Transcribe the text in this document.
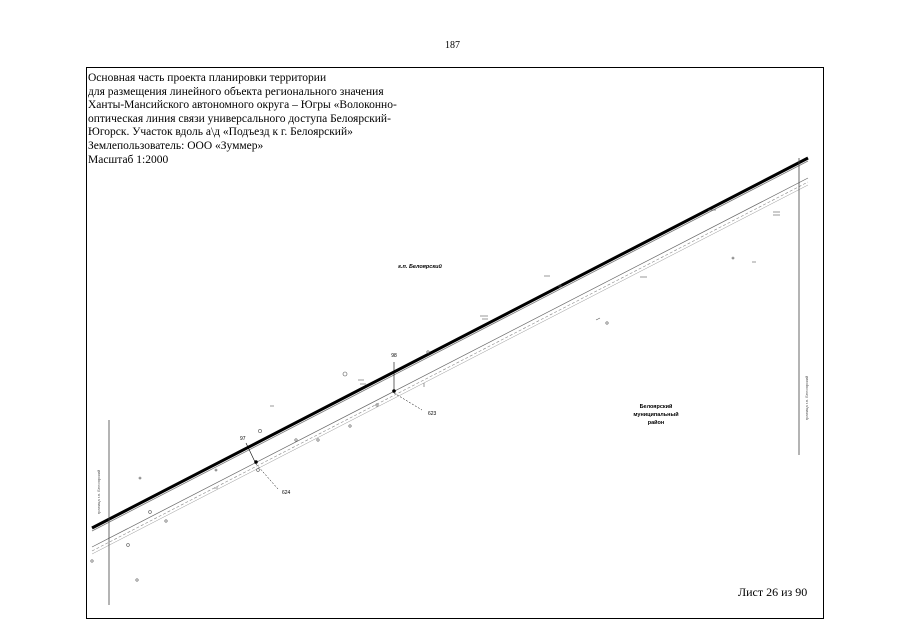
187
Основная часть проекта планировки территории
для размещения линейного объекта регионального значения
Ханты-Мансийского автономного округа – Югры «Волоконно-
оптическая линия связи универсального доступа Белоярский-
Югорск. Участок вдоль а\д «Подъезд к г. Белоярский»
Землепользователь: ООО «Зуммер»
Масштаб 1:2000
граница г.п. Белоярский
граница г.п. Белоярский
г.п. Белоярский
Белоярский
муниципальный
район
98
623
97
624
Лист 26 из 90
